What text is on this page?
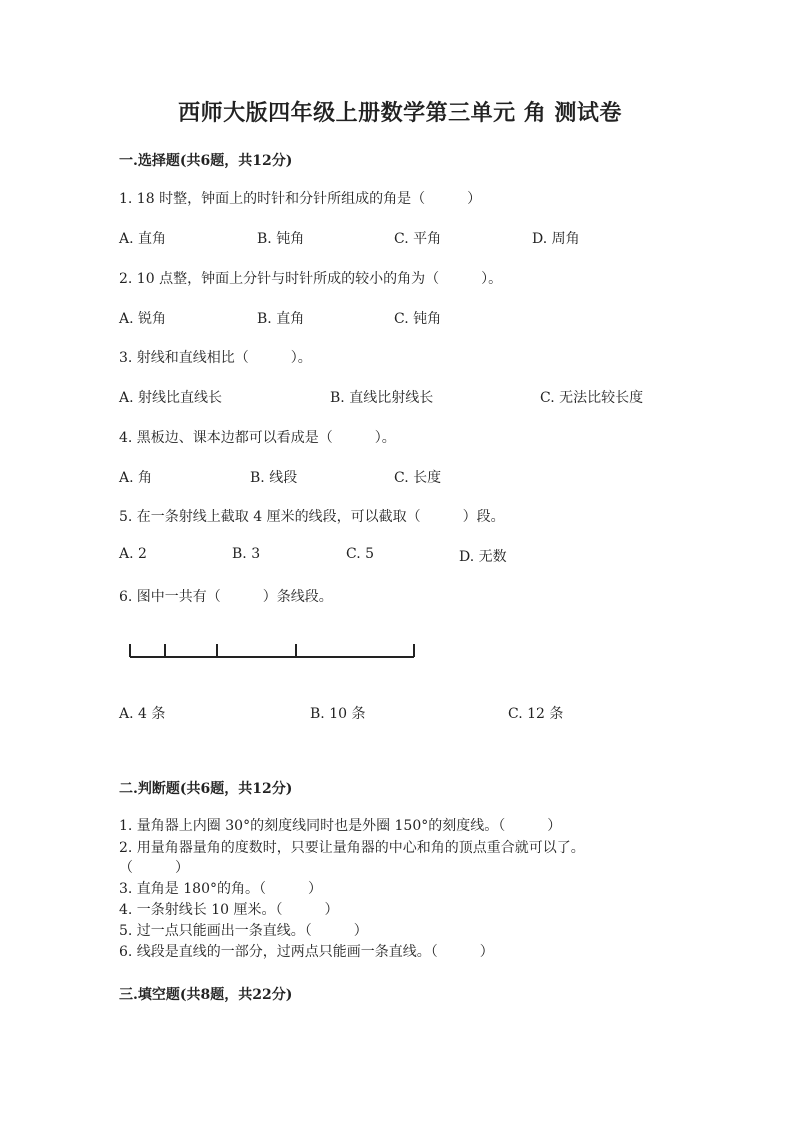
西师大版四年级上册数学第三单元 角 测试卷
一.选择题(共6题，共12分)
1. 18 时整，钟面上的时针和分针所组成的角是（　　　）
A. 直角	B. 钝角	C. 平角	D. 周角
2. 10 点整，钟面上分针与时针所成的较小的角为（　　　）。
A. 锐角	B. 直角	C. 钝角
3. 射线和直线相比（　　　）。
A. 射线比直线长	B. 直线比射线长	C. 无法比较长度
4. 黑板边、课本边都可以看成是（　　　）。
A. 角	B. 线段	C. 长度
5. 在一条射线上截取 4 厘米的线段，可以截取（　　　）段。
A. 2	B. 3	C. 5	D. 无数
6. 图中一共有（　　　）条线段。
A. 4 条	B. 10 条	C. 12 条
二.判断题(共6题，共12分)
1. 量角器上内圈 30°的刻度线同时也是外圈 150°的刻度线。（　　　）
2. 用量角器量角的度数时，只要让量角器的中心和角的顶点重合就可以了。
（　　　）
3. 直角是 180°的角。（　　　）
4. 一条射线长 10 厘米。（　　　）
5. 过一点只能画出一条直线。（　　　）
6. 线段是直线的一部分，过两点只能画一条直线。（　　　）
三.填空题(共8题，共22分)
